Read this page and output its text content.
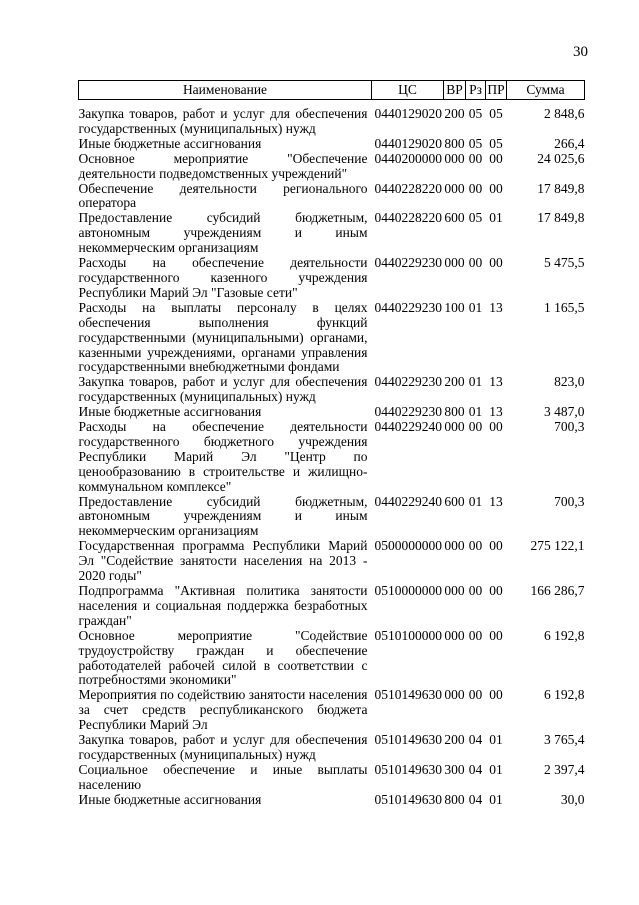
30
Наименование	ЦС	ВР	Рз	ПР	Сумма

Закупка товаров, работ и услуг для обеспечения государственных (муниципальных) нужд	0440129020	200	05	05	2 848,6
Иные бюджетные ассигнования	0440129020	800	05	05	266,4
Основное мероприятие "Обеспечение деятельности подведомственных учреждений"	0440200000	000	00	00	24 025,6
Обеспечение деятельности регионального оператора	0440228220	000	00	00	17 849,8
Предоставление субсидий бюджетным, автономным учреждениям и иным некоммерческим организациям	0440228220	600	05	01	17 849,8
Расходы на обеспечение деятельности государственного казенного учреждения Республики Марий Эл "Газовые сети"	0440229230	000	00	00	5 475,5
Расходы на выплаты персоналу в целях обеспечения выполнения функций государственными (муниципальными) органами, казенными учреждениями, органами управления государственными внебюджетными фондами	0440229230	100	01	13	1 165,5
Закупка товаров, работ и услуг для обеспечения государственных (муниципальных) нужд	0440229230	200	01	13	823,0
Иные бюджетные ассигнования	0440229230	800	01	13	3 487,0
Расходы на обеспечение деятельности государственного бюджетного учреждения Республики Марий Эл "Центр по ценообразованию в строительстве и жилищно-коммунальном комплексе"	0440229240	000	00	00	700,3
Предоставление субсидий бюджетным, автономным учреждениям и иным некоммерческим организациям	0440229240	600	01	13	700,3
Государственная программа Республики Марий Эл "Содействие занятости населения на 2013 - 2020 годы"	0500000000	000	00	00	275 122,1
Подпрограмма "Активная политика занятости населения и социальная поддержка безработных граждан"	0510000000	000	00	00	166 286,7
Основное мероприятие "Содействие трудоустройству граждан и обеспечение работодателей рабочей силой в соответствии с потребностями экономики"	0510100000	000	00	00	6 192,8
Мероприятия по содействию занятости населения за счет средств республиканского бюджета Республики Марий Эл	0510149630	000	00	00	6 192,8
Закупка товаров, работ и услуг для обеспечения государственных (муниципальных) нужд	0510149630	200	04	01	3 765,4
Социальное обеспечение и иные выплаты населению	0510149630	300	04	01	2 397,4
Иные бюджетные ассигнования	0510149630	800	04	01	30,0
